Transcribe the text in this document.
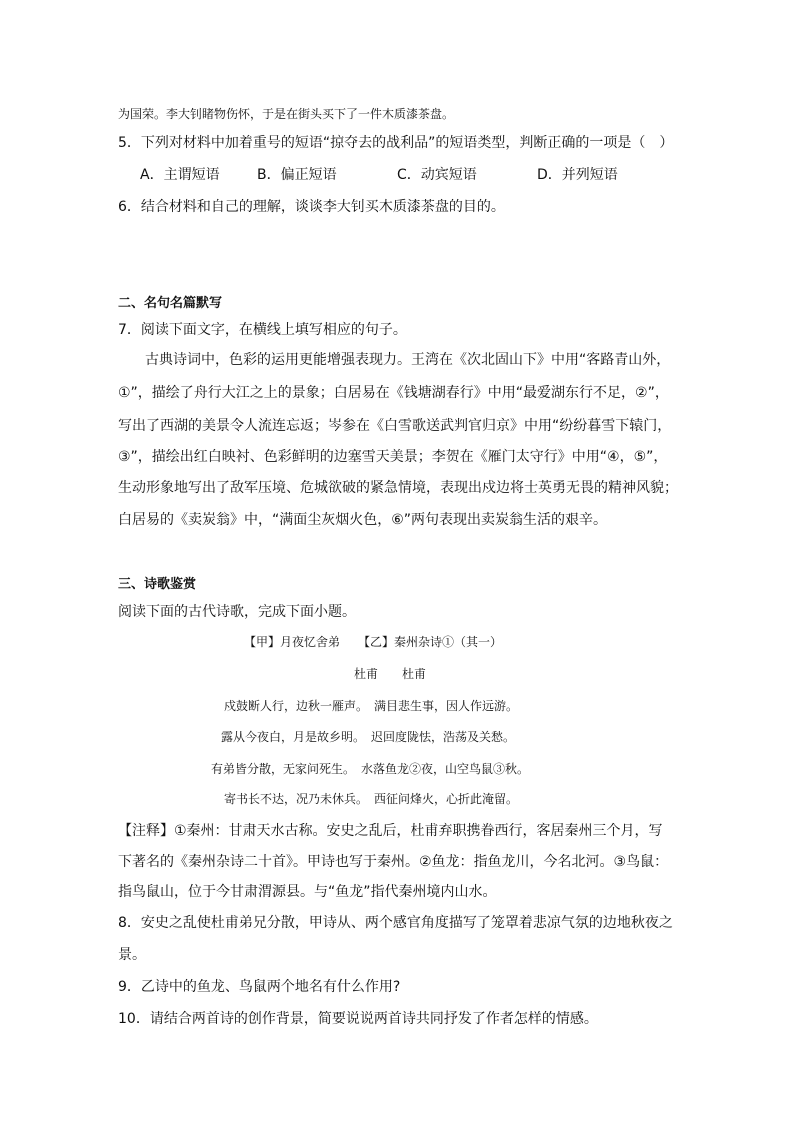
为国荣。李大钊睹物伤怀，于是在街头买下了一件木质漆茶盘。
5．下列对材料中加着重号的短语“掠夺去的战利品”的短语类型，判断正确的一项是（　）
A．主谓短语	B．偏正短语	C．动宾短语	D．并列短语
6．结合材料和自己的理解，谈谈李大钊买木质漆茶盘的目的。
二、名句名篇默写
7．阅读下面文字，在横线上填写相应的句子。
古典诗词中，色彩的运用更能增强表现力。王湾在《次北固山下》中用“客路青山外，
①”，描绘了舟行大江之上的景象；白居易在《钱塘湖春行》中用“最爱湖东行不足，②”，
写出了西湖的美景令人流连忘返；岑参在《白雪歌送武判官归京》中用“纷纷暮雪下辕门，
③”，描绘出红白映衬、色彩鲜明的边塞雪天美景；李贺在《雁门太守行》中用“④，⑤”，
生动形象地写出了敌军压境、危城欲破的紧急情境，表现出戍边将士英勇无畏的精神风貌；
白居易的《卖炭翁》中，“满面尘灰烟火色，⑥”两句表现出卖炭翁生活的艰辛。
三、诗歌鉴赏
阅读下面的古代诗歌，完成下面小题。
【甲】月夜忆舍弟　　【乙】秦州杂诗①（其一）
杜甫　　杜甫
戍鼓断人行，边秋一雁声。　满目悲生事，因人作远游。
露从今夜白，月是故乡明。　迟回度陇怯，浩荡及关愁。
有弟皆分散，无家问死生。　水落鱼龙②夜，山空鸟鼠③秋。
寄书长不达，况乃未休兵。　西征问烽火，心折此淹留。
【注释】①秦州：甘肃天水古称。安史之乱后，杜甫弃职携眷西行，客居秦州三个月，写
下著名的《秦州杂诗二十首》。甲诗也写于秦州。②鱼龙：指鱼龙川，今名北河。③鸟鼠：
指鸟鼠山，位于今甘肃渭源县。与“鱼龙”指代秦州境内山水。
8．安史之乱使杜甫弟兄分散，甲诗从、两个感官角度描写了笼罩着悲凉气氛的边地秋夜之
景。
9．乙诗中的鱼龙、鸟鼠两个地名有什么作用?
10．请结合两首诗的创作背景，简要说说两首诗共同抒发了作者怎样的情感。
